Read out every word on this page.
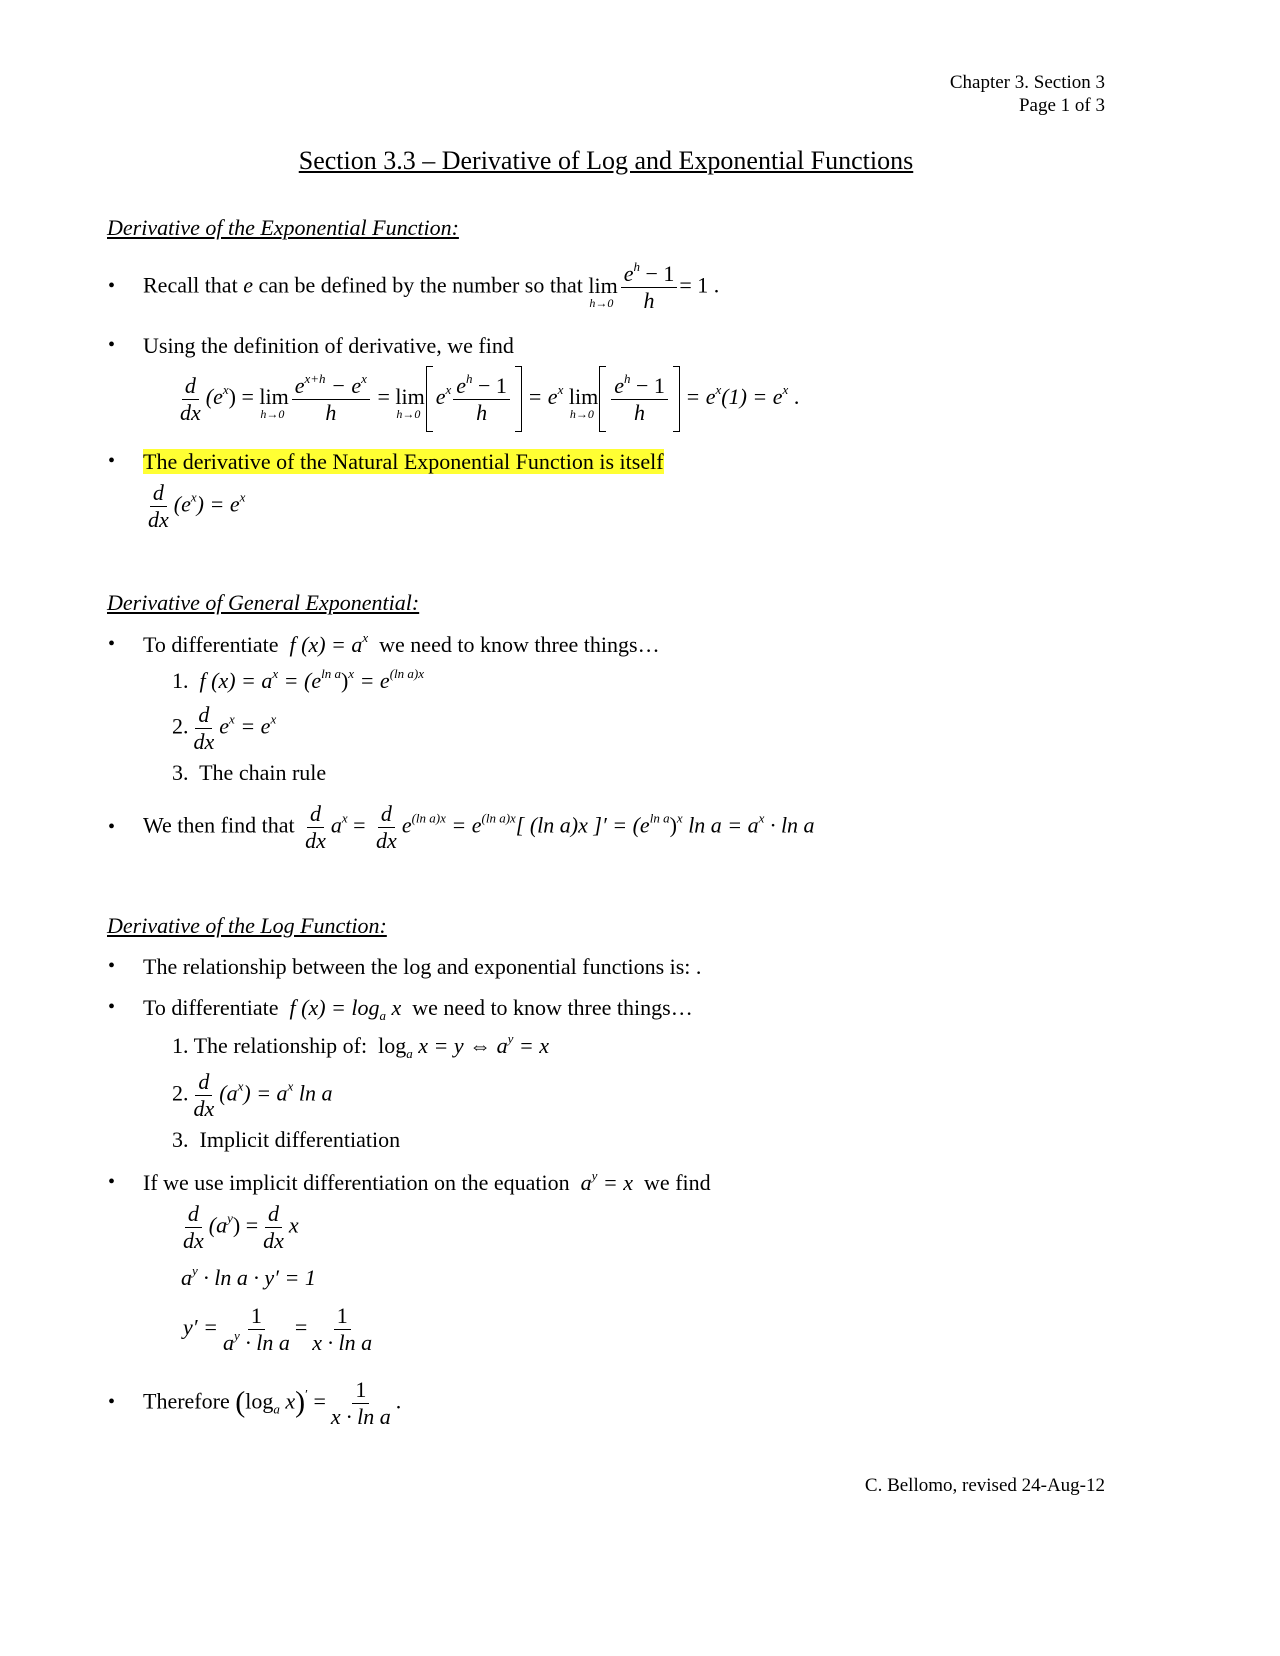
Chapter 3. Section 3
Page 1 of 3
Section 3.3 – Derivative of Log and Exponential Functions
Derivative of the Exponential Function:
• Recall that e can be defined by the number so that lim
$h\to 0 \frac{e^h - 1}{h} = 1$ .
• Using the definition of derivative, we find
$\frac{d}{dx} (e^x) = \lim$
$h\to 0 \frac{e^{x+h} - e^x}{h} = \lim$
h→0
$e^x \frac{e^h - 1}{h} = e^x$ lim
$h\to 0 \frac{e^h - 1}{h} = e^x(1) = e^x$ .
• The derivative of the Natural Exponential Function is itself
$\frac{d}{dx} (e^x) = e^x$
Derivative of General Exponential:
• To differentiate f $(x) = a^x$ we need to know three things…
1. f $(x) = a^x = (e^{ln a})^x = e^{(ln a)x}$
2. $\frac{d}{dx} e^x = e^x$
3. The chain rule
• We then find that $\frac{d}{dx} a^x = \frac{d}{dx} e^{(ln a)x} = e^{(ln a)x}$[ (ln a)x ]′ = $(e^{ln a})^x$ $\ln a = a^x \cdot \ln a$
Derivative of the Log Function:
• The relationship between the log and exponential functions is: .
• To differentiate f $(x) = \log_a x$ we need to know three things…
1. The relationship of: $\log_a x = y$ ⇔ $a^y = x$
2. $\frac{d}{dx} (a^x) = a^x$ ln a
3. Implicit differentiation
• If we use implicit differentiation on the equation $a^y = x$ we find
$\frac{d}{dx} (a^y) = \frac{d}{dx}$ x
$a^y \cdot \ln a \cdot y' = 1$
$y' = \frac{1}{a^y \cdot \ln a} = \frac{1}{\text{x · ln a}}$
• Therefore ($\log_a$ $x)' = \frac{1}{\text{x · ln a}}$ .
C. Bellomo, revised 24-Aug-12
